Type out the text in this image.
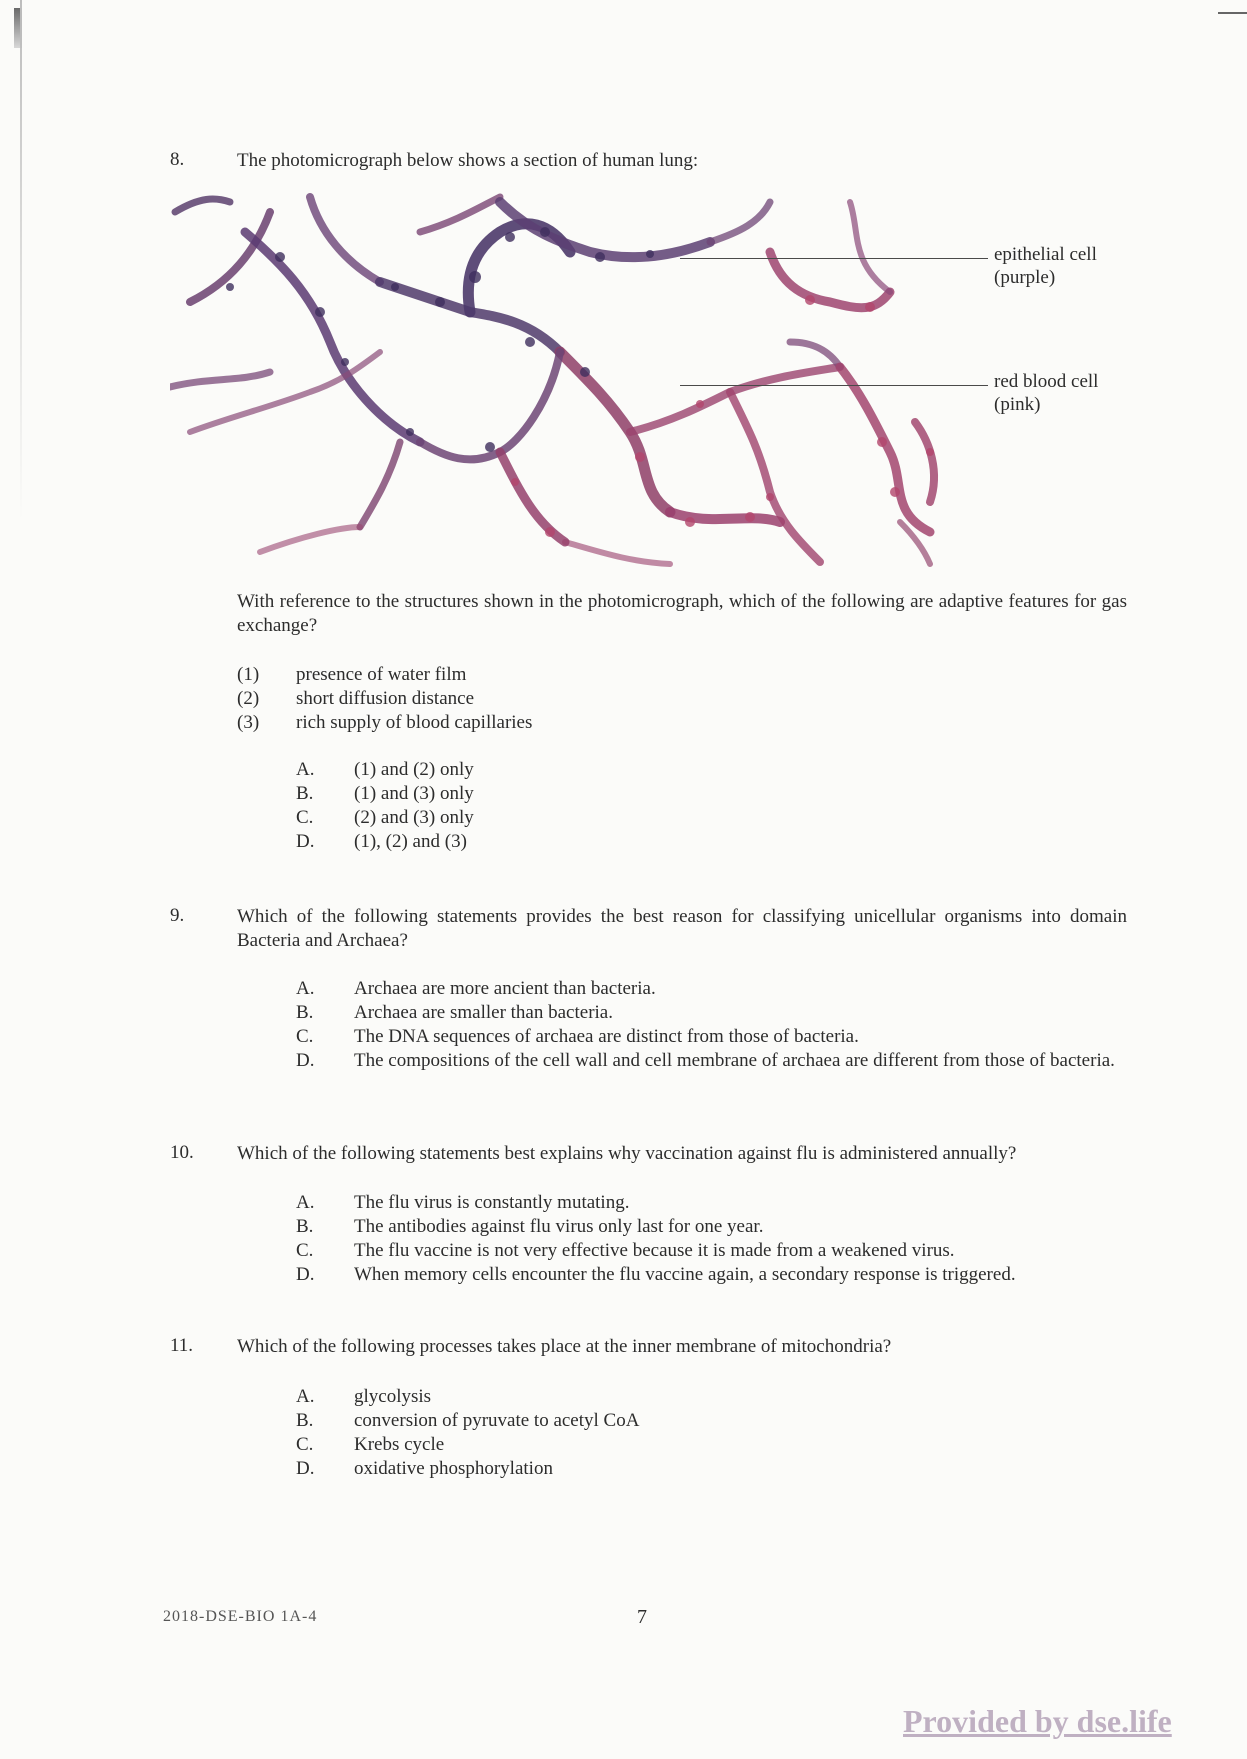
8.	The photomicrograph below shows a section of human lung:
epithelial cell
(purple)
red blood cell
(pink)
With reference to the structures shown in the photomicrograph, which of the following are adaptive features for gas exchange?
(1) presence of water film
(2) short diffusion distance
(3) rich supply of blood capillaries
A.	(1) and (2) only
B.	(1) and (3) only
C.	(2) and (3) only
D.	(1), (2) and (3)
9.	Which of the following statements provides the best reason for classifying unicellular organisms into domain Bacteria and Archaea?
A.	Archaea are more ancient than bacteria.
B.	Archaea are smaller than bacteria.
C.	The DNA sequences of archaea are distinct from those of bacteria.
D.	The compositions of the cell wall and cell membrane of archaea are different from those of bacteria.
10. Which of the following statements best explains why vaccination against flu is administered annually?
A.	The flu virus is constantly mutating.
B.	The antibodies against flu virus only last for one year.
C.	The flu vaccine is not very effective because it is made from a weakened virus.
D.	When memory cells encounter the flu vaccine again, a secondary response is triggered.
11. Which of the following processes takes place at the inner membrane of mitochondria?
A.	glycolysis
B.	conversion of pyruvate to acetyl CoA
C.	Krebs cycle
D.	oxidative phosphorylation
2018-DSE-BIO 1A-4	7
Provided by dse.life
